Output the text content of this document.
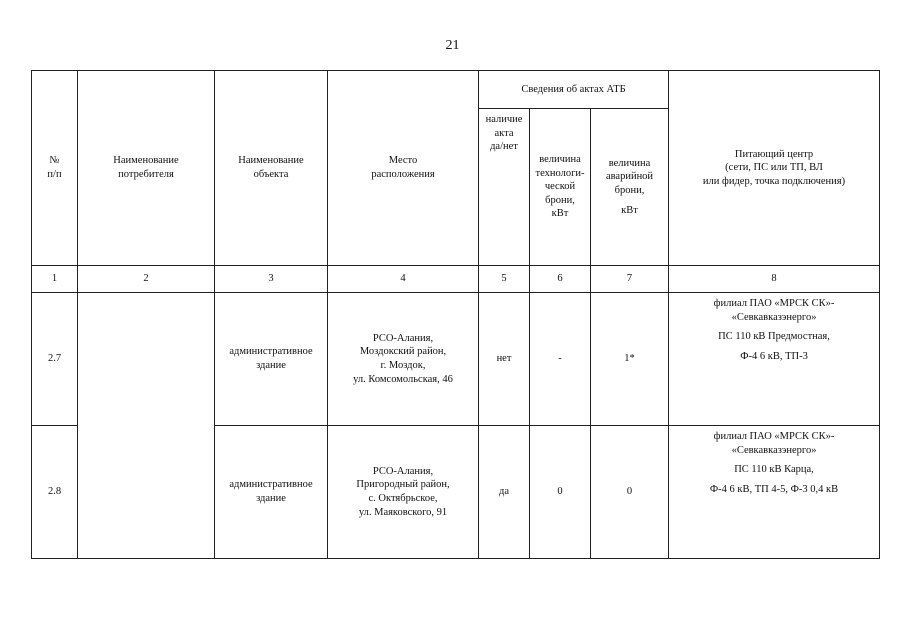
21
№
п/п	Наименование
потребителя	Наименование
объекта	Место
расположения	Сведения об актах АТБ			Питающий центр
(сети, ПС или ТП, ВЛ
или фидер, точка подключения)

				наличие
акта
да/нет	величина
технологи-
ческой
брони,
кВт	величина
аварийной
брони,
кВт	

1	2	3	4	5	6	7	8
2.7		административное
здание	РСО-Алания,
Моздокский район,
г. Моздок,
ул. Комсомольская, 46	нет	-	1*	филиал ПАО «МРСК СК»-
«Севкавказэнерго»
ПС 110 кВ Предмостная,
Ф-4 6 кВ, ТП-3

2.8		административное
здание	РСО-Алания,
Пригородный район,
с. Октябрьское,
ул. Маяковского, 91	да	0	0	филиал ПАО «МРСК СК»-
«Севкавказэнерго»
ПС 110 кВ Карца,
Ф-4 6 кВ, ТП 4-5, Ф-3 0,4 кВ
